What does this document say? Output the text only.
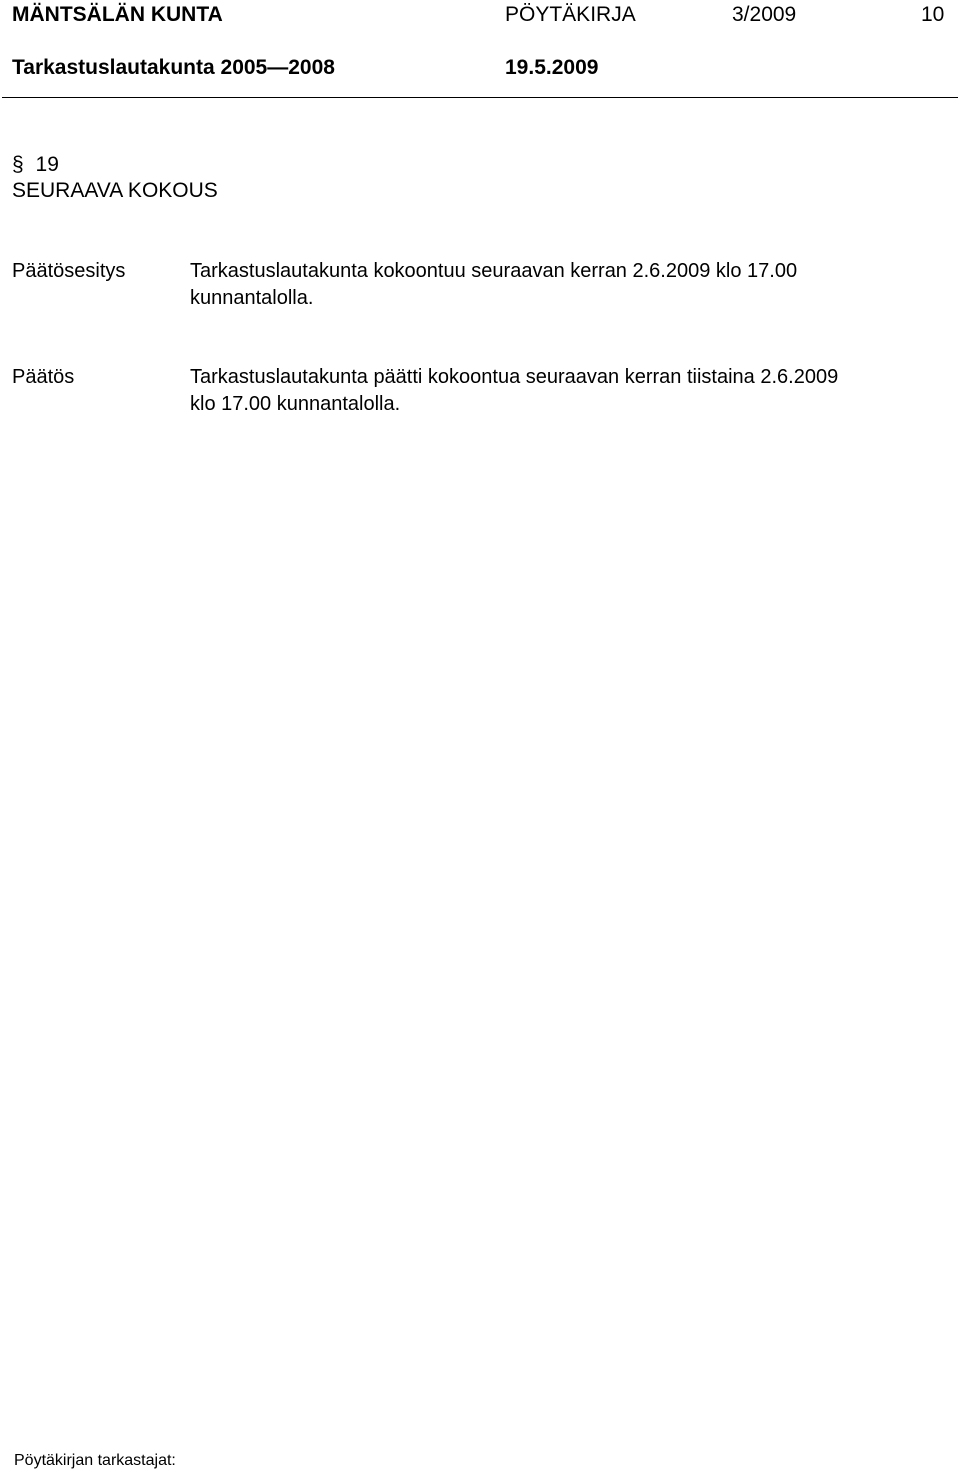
MÄNTSÄLÄN KUNTA	PÖYTÄKIRJA	3/2009	10
Tarkastuslautakunta 2005—2008	19.5.2009
§ 19
SEURAAVA KOKOUS
Päätösesitys	Tarkastuslautakunta kokoontuu seuraavan kerran 2.6.2009 klo 17.00
kunnantalolla.
Päätös	Tarkastuslautakunta päätti kokoontua seuraavan kerran tiistaina 2.6.2009
klo 17.00 kunnantalolla.
Pöytäkirjan tarkastajat:
